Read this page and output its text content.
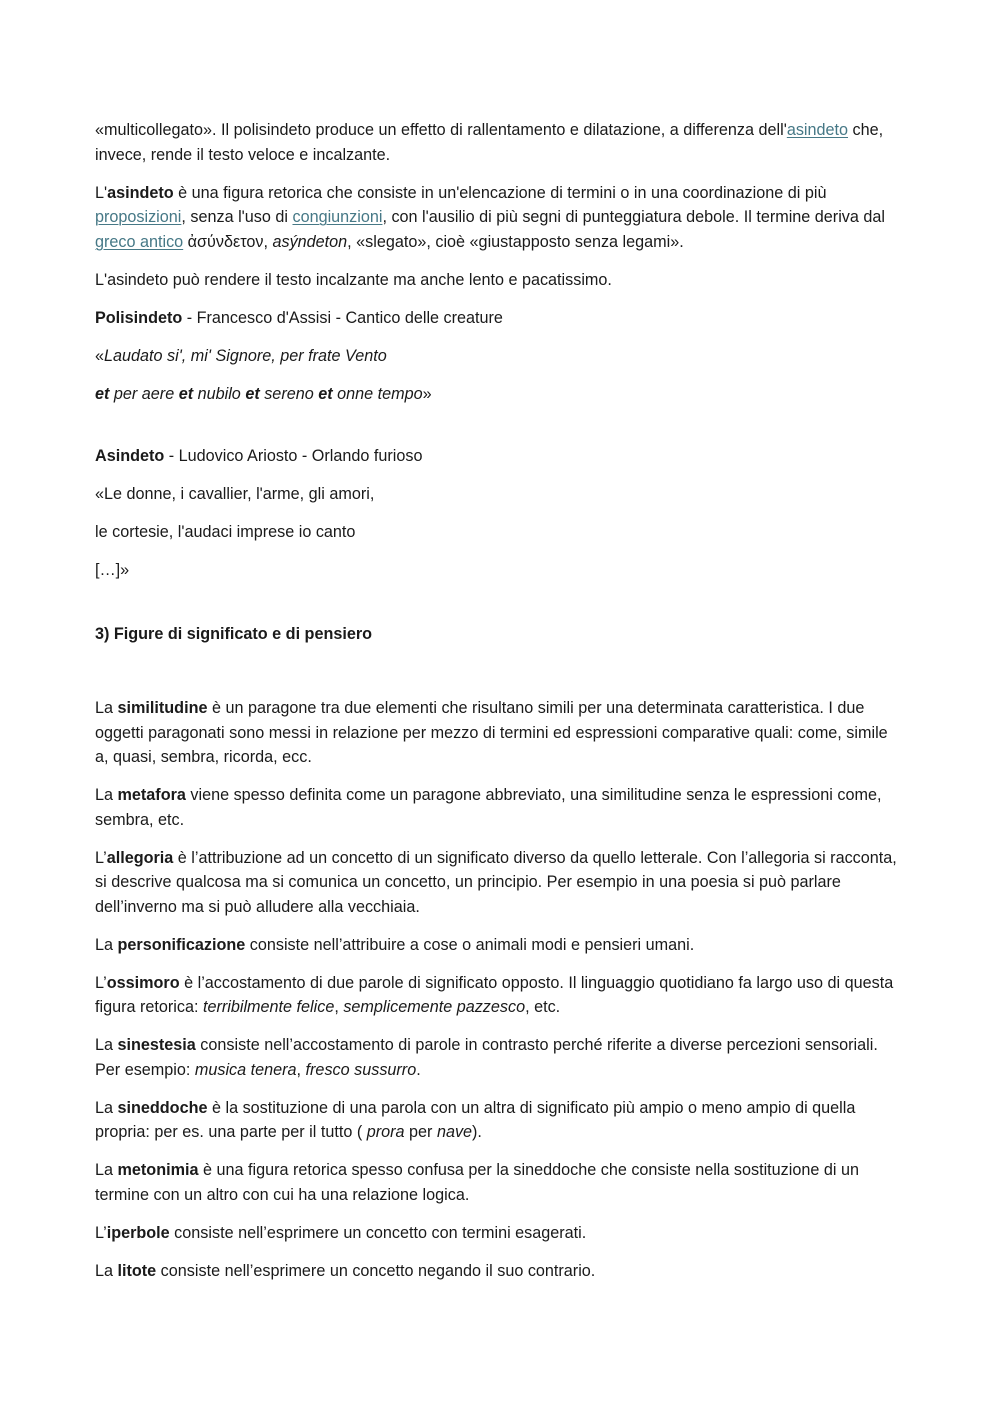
«multicollegato». Il polisindeto produce un effetto di rallentamento e dilatazione, a differenza dell'asindeto che, invece, rende il testo veloce e incalzante.

L'asindeto è una figura retorica che consiste in un'elencazione di termini o in una coordinazione di più proposizioni, senza l'uso di congiunzioni, con l'ausilio di più segni di punteggiatura debole. Il termine deriva dal greco antico ἀσύνδετον, asýndeton, «slegato», cioè «giustapposto senza legami».

L'asindeto può rendere il testo incalzante ma anche lento e pacatissimo.

Polisindeto - Francesco d'Assisi - Cantico delle creature

«Laudato si', mi' Signore, per frate Vento

et per aere et nubilo et sereno et onne tempo»

Asindeto - Ludovico Ariosto - Orlando furioso

«Le donne, i cavallier, l'arme, gli amori,

le cortesie, l'audaci imprese io canto

[…]»

3) Figure di significato e di pensiero

La similitudine è un paragone tra due elementi che risultano simili per una determinata caratteristica. I due oggetti paragonati sono messi in relazione per mezzo di termini ed espressioni comparative quali: come, simile a, quasi, sembra, ricorda, ecc.

La metafora viene spesso definita come un paragone abbreviato, una similitudine senza le espressioni come, sembra, etc.

L’allegoria è l’attribuzione ad un concetto di un significato diverso da quello letterale. Con l’allegoria si racconta, si descrive qualcosa ma si comunica un concetto, un principio. Per esempio in una poesia si può parlare dell’inverno ma si può alludere alla vecchiaia.

La personificazione consiste nell’attribuire a cose o animali modi e pensieri umani.

L’ossimoro è l’accostamento di due parole di significato opposto. Il linguaggio quotidiano fa largo uso di questa figura retorica: terribilmente felice, semplicemente pazzesco, etc.

La sinestesia consiste nell’accostamento di parole in contrasto perché riferite a diverse percezioni sensoriali. Per esempio: musica tenera, fresco sussurro.

La sineddoche è la sostituzione di una parola con un altra di significato più ampio o meno ampio di quella propria: per es. una parte per il tutto ( prora per nave).

La metonimia è una figura retorica spesso confusa per la sineddoche che consiste nella sostituzione di un termine con un altro con cui ha una relazione logica.

L’iperbole consiste nell’esprimere un concetto con termini esagerati.

La litote consiste nell’esprimere un concetto negando il suo contrario.
